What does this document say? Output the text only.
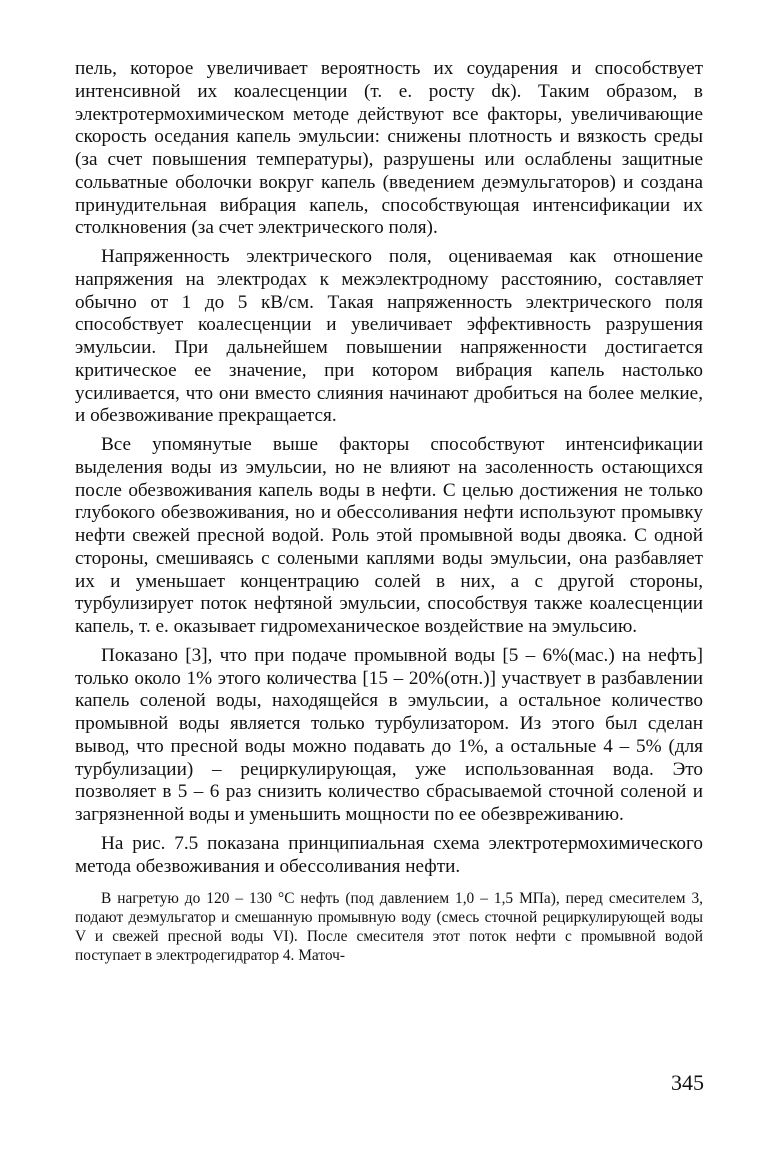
пель, которое увеличивает вероятность их соударения и способствует интенсивной их коалесценции (т. е. росту dк). Таким образом, в электротермохимическом методе действуют все факторы, увеличивающие скорость оседания капель эмульсии: снижены плотность и вязкость среды (за счет повышения температуры), разрушены или ослаблены защитные сольватные оболочки вокруг капель (введением деэмульгаторов) и создана принудительная вибрация капель, способствующая интенсификации их столкновения (за счет электрического поля).

Напряженность электрического поля, оцениваемая как отношение напряжения на электродах к межэлектродному расстоянию, составляет обычно от 1 до 5 кВ/см. Такая напряженность электрического поля способствует коалесценции и увеличивает эффективность разрушения эмульсии. При дальнейшем повышении напряженности достигается критическое ее значение, при котором вибрация капель настолько усиливается, что они вместо слияния начинают дробиться на более мелкие, и обезвоживание прекращается.

Все упомянутые выше факторы способствуют интенсификации выделения воды из эмульсии, но не влияют на засоленность остающихся после обезвоживания капель воды в нефти. С целью достижения не только глубокого обезвоживания, но и обессоливания нефти используют промывку нефти свежей пресной водой. Роль этой промывной воды двояка. С одной стороны, смешиваясь с солеными каплями воды эмульсии, она разбавляет их и уменьшает концентрацию солей в них, а с другой стороны, турбулизирует поток нефтяной эмульсии, способствуя также коалесценции капель, т. е. оказывает гидромеханическое воздействие на эмульсию.

Показано [3], что при подаче промывной воды [5 – 6%(мас.) на нефть] только около 1% этого количества [15 – 20%(отн.)] участвует в разбавлении капель соленой воды, находящейся в эмульсии, а остальное количество промывной воды является только турбулизатором. Из этого был сделан вывод, что пресной воды можно подавать до 1%, а остальные 4 – 5% (для турбулизации) – рециркулирующая, уже использованная вода. Это позволяет в 5 – 6 раз снизить количество сбрасываемой сточной соленой и загрязненной воды и уменьшить мощности по ее обезвреживанию.

На рис. 7.5 показана принципиальная схема электротермохимического метода обезвоживания и обессоливания нефти.

В нагретую до 120 – 130 °С нефть (под давлением 1,0 – 1,5 МПа), перед смесителем 3, подают деэмульгатор и смешанную промывную воду (смесь сточной рециркулирующей воды V и свежей пресной воды VI). После смесителя этот поток нефти с промывной водой поступает в электродегидратор 4. Маточ-

345
